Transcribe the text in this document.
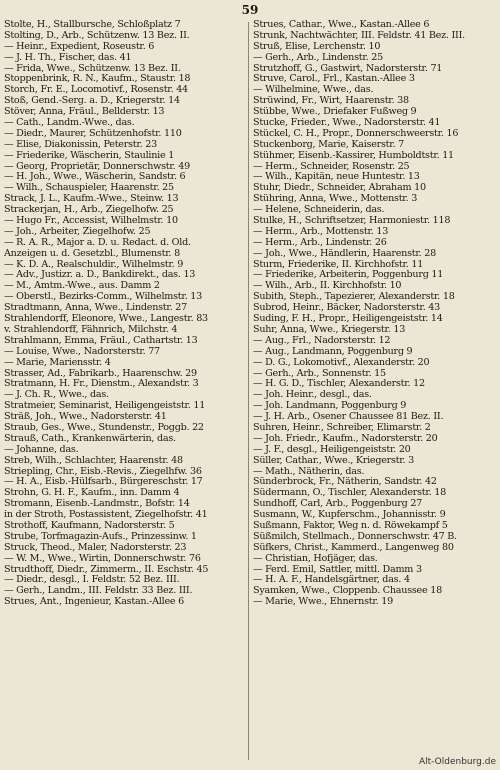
59
Stolte, H., Stallbursche, Schloßplatz 7
Stolting, D., Arb., Schützenw. 13 Bez. II.
— Heinr., Expedient, Roseustr. 6
— J. H. Th., Fischer, das. 41
— Frida, Wwe., Schützenw. 13 Bez. II.
Stoppenbrink, R. N., Kaufm., Staustr. 18
Storch, Fr. E., Locomotivf., Rosenstr. 44
Stoß, Gend.-Serg. a. D., Kriegerstr. 14
Stöver, Anna, Fräul., Bellderstr. 13
— Cath., Landm.-Wwe., das.
— Diedr., Maurer, Schützenhofstr. 110
— Elise, Diakonissin, Peterstr. 23
— Friederike, Wäscherin, Staulinie 1
— Georg, Proprietär, Donnerschwstr. 49
— H. Joh., Wwe., Wäscherin, Sandstr. 6
— Wilh., Schauspieler, Haarenstr. 25
Strack, J. L., Kaufm.-Wwe., Steinw. 13
Strackerjan, H., Arb., Ziegelhofw. 25
— Hugo Fr., Accessist, Wilhelmstr. 10
— Joh., Arbeiter, Ziegelhofw. 25
— R. A. R., Major a. D. u. Redact. d. Old.
Anzeigen u. d. Gesetzbl., Blumenstr. 8
— K. D. A., Realschuldir., Wilhelmstr. 9
— Adv., Justizr. a. D., Bankdirekt., das. 13
— M., Amtm.-Wwe., aus. Damm 2
— Oberstl., Bezirks-Comm., Wilhelmstr. 13
Stradtmann, Anna, Wwe., Lindenstr. 27
Strahlendorff, Eleonore, Wwe., Langestr. 83
v. Strahlendorff, Fähnrich, Milchstr. 4
Strahlmann, Emma, Fräul., Cathartstr. 13
— Louise, Wwe., Nadorsterstr. 77
— Marie, Mariensstr. 4
Strasser, Ad., Fabrikarb., Haarenschw. 29
Stratmann, H. Fr., Dienstm., Alexandstr. 3
— J. Ch. R., Wwe., das.
Stratmeier, Seminarist, Heiligengeiststr. 11
Sträß, Joh., Wwe., Nadorsterstr. 41
Straub, Ges., Wwe., Stundenstr., Poggb. 22
Strauß, Cath., Krankenwärterin, das.
— Johanne, das.
Streb, Wilh., Schlachter, Haarenstr. 48
Striepling, Chr., Eisb.-Revis., Ziegelhfw. 36
— H. A., Eisb.-Hülfsarb., Bürgereschstr. 17
Strohn, G. H. F., Kaufm., inn. Damm 4
Stromann, Eisenb.-Landmstr., Bofstr. 14
in der Stroth, Postassistent, Ziegelhofstr. 41
Strothoff, Kaufmann, Nadorsterstr. 5
Strube, Torfmagazin-Aufs., Prinzessinw. 1
Struck, Theod., Maler, Nadorsterstr. 23
— W. M., Wwe., Wirtin, Donnerschwstr. 76
Strudthoff, Diedr., Zimmerm., II. Eschstr. 45
— Diedr., desgl., I. Feldstr. 52 Bez. III.
— Gerh., Landm., III. Feldstr. 33 Bez. III.
Strues, Ant., Ingenieur, Kastan.-Allee 6
Strues, Cathar., Wwe., Kastan.-Allee 6
Strunk, Nachtwächter, III. Feldstr. 41 Bez. III.
Struß, Elise, Lerchenstr. 10
— Gerh., Arb., Lindenstr. 25
Strutzhoff, G., Gastwirt, Nadorsterstr. 71
Struve, Carol., Frl., Kastan.-Allee 3
— Wilhelmine, Wwe., das.
Strüwind, Fr., Wirt, Haarenstr. 38
Stübbe, Wwe., Driefaker Fußweg 9
Stucke, Frieder., Wwe., Nadorsterstr. 41
Stückel, C. H., Propr., Donnerschweerstr. 16
Stuckenborg, Marie, Kaiserstr. 7
Stühmer, Eisenb.-Kassirer, Humboldtstr. 11
— Herm., Schneider, Rosenstr. 25
— Wilh., Kapitän, neue Huntestr. 13
Stuhr, Diedr., Schneider, Abraham 10
Stühring, Anna, Wwe., Mottenstr. 3
— Helene, Schneiderin, das.
Stulke, H., Schriftsetzer, Harmoniestr. 118
— Herm., Arb., Mottenstr. 13
— Herm., Arb., Lindenstr. 26
— Joh., Wwe., Händlerin, Haarenstr. 28
Sturm, Friederike, II. Kirchhofstr. 11
— Friederike, Arbeiterin, Poggenburg 11
— Wilh., Arb., II. Kirchhofstr. 10
Subith, Steph., Tapezierer, Alexanderstr. 18
Subrod, Heinr., Bäcker, Nadorsterstr. 43
Suding, F. H., Propr., Heiligengeiststr. 14
Suhr, Anna, Wwe., Kriegerstr. 13
— Aug., Frl., Nadorsterstr. 12
— Aug., Landmann, Poggenburg 9
— D. G., Lokomotivf., Alexanderstr. 20
— Gerh., Arb., Sonnenstr. 15
— H. G. D., Tischler, Alexanderstr. 12
— Joh. Heinr., desgl., das.
— Joh. Landmann, Poggenburg 9
— J. H. Arb., Osener Chaussee 81 Bez. II.
Suhren, Heinr., Schreiber, Elimarstr. 2
— Joh. Friedr., Kaufm., Nadorsterstr. 20
— J. F., desgl., Heiligengeiststr. 20
Süller, Cathar., Wwe., Kriegerstr. 3
— Math., Nätherin, das.
Sünderbrock, Fr., Nätherin, Sandstr. 42
Südermann, O., Tischler, Alexanderstr. 18
Sundhoff, Carl, Arb., Poggenburg 27
Susmann, W., Kupferschm., Johannisstr. 9
Sußmann, Faktor, Weg n. d. Röwekampf 5
Süßmilch, Stellmach., Donnerschwstr. 47 B.
Süfkers, Christ., Kammerd., Langenweg 80
— Christian, Hofjäger, das.
— Ferd. Emil, Sattler, mittl. Damm 3
— H. A. F., Handelsgärtner, das. 4
Syamken, Wwe., Cloppenb. Chaussee 18
— Marie, Wwe., Ehnernstr. 19
Alt-Oldenburg.de
